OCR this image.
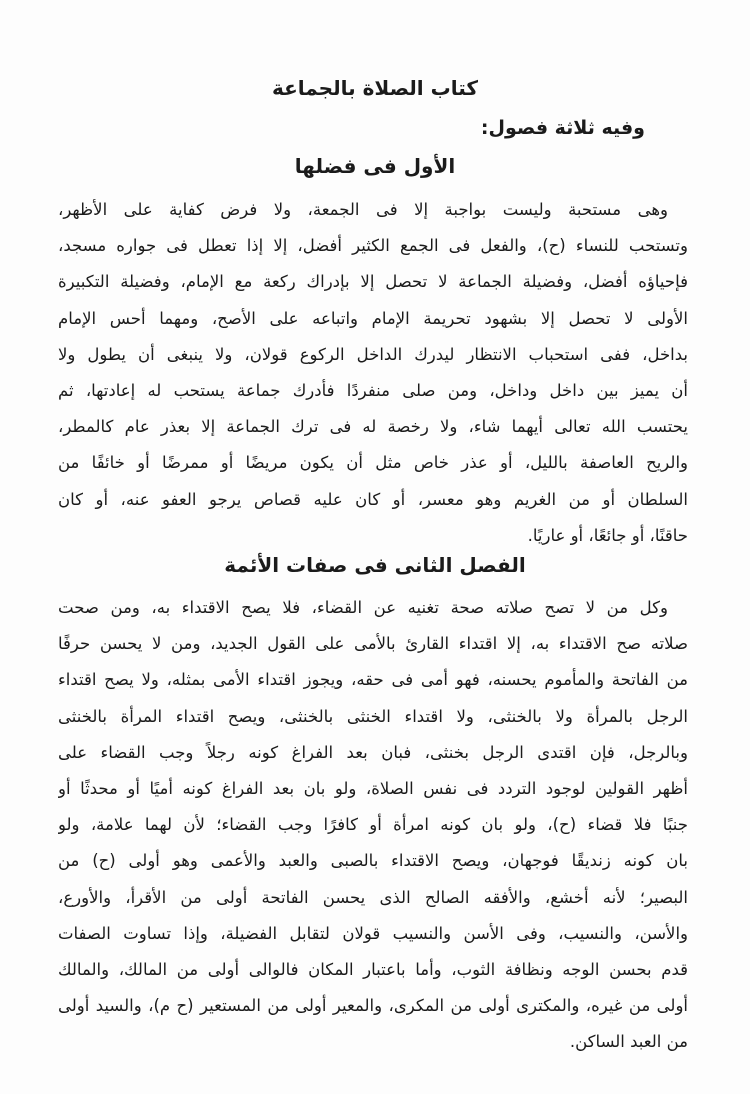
كتاب الصلاة بالجماعة

وفيه ثلاثة فصول:

الأول فى فضلها
وهى مستحبة وليست بواجبة إلا فى الجمعة، ولا فرض كفاية على الأظهر،
وتستحب للنساء (ح)، والفعل فى الجمع الكثير أفضل، إلا إذا تعطل فى جواره مسجد،
فإحياؤه أفضل، وفضيلة الجماعة لا تحصل إلا بإدراك ركعة مع الإمام، وفضيلة التكبيرة
الأولى لا تحصل إلا بشهود تحريمة الإمام واتباعه على الأصح، ومهما أحس الإمام
بداخل، ففى استحباب الانتظار ليدرك الداخل الركوع قولان، ولا ينبغى أن يطول ولا
أن يميز بين داخل وداخل، ومن صلى منفردًا فأدرك جماعة يستحب له إعادتها، ثم
يحتسب الله تعالى أيهما شاء، ولا رخصة له فى ترك الجماعة إلا بعذر عام كالمطر،
والريح العاصفة بالليل، أو عذر خاص مثل أن يكون مريضًا أو ممرضًا أو خائفًا من
السلطان أو من الغريم وهو معسر، أو كان عليه قصاص يرجو العفو عنه، أو كان
حاقنًا، أو جائعًا، أو عاريًا.
الفصل الثانى فى صفات الأئمة
وكل من لا تصح صلاته صحة تغنيه عن القضاء، فلا يصح الاقتداء به، ومن صحت
صلاته صح الاقتداء به، إلا اقتداء القارئ بالأمى على القول الجديد، ومن لا يحسن حرفًا
من الفاتحة والمأموم يحسنه، فهو أمى فى حقه، ويجوز اقتداء الأمى بمثله، ولا يصح اقتداء
الرجل بالمرأة ولا بالخنثى، ولا اقتداء الخنثى بالخنثى، ويصح اقتداء المرأة بالخنثى
وبالرجل، فإن اقتدى الرجل بخنثى، فبان بعد الفراغ كونه رجلاً وجب القضاء على
أظهر القولين لوجود التردد فى نفس الصلاة، ولو بان بعد الفراغ كونه أميًا أو محدثًا أو
جنبًا فلا قضاء (ح)، ولو بان كونه امرأة أو كافرًا وجب القضاء؛ لأن لهما علامة، ولو
بان كونه زنديقًا فوجهان، ويصح الاقتداء بالصبى والعبد والأعمى وهو أولى (ح) من
البصير؛ لأنه أخشع، والأفقه الصالح الذى يحسن الفاتحة أولى من الأقرأ، والأورع،
والأسن، والنسيب، وفى الأسن والنسيب قولان لتقابل الفضيلة، وإذا تساوت الصفات
قدم بحسن الوجه ونظافة الثوب، وأما باعتبار المكان فالوالى أولى من المالك، والمالك
أولى من غيره، والمكترى أولى من المكرى، والمعير أولى من المستعير (ح م)، والسيد أولى
من العبد الساكن.
